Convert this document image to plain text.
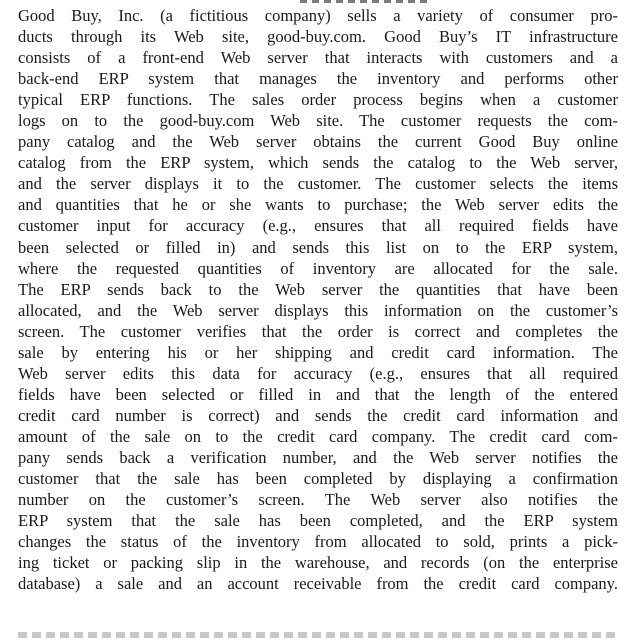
Good Buy, Inc. (a fictitious company) sells a variety of consumer pro-
ducts through its Web site, good-buy.com. Good Buy’s IT infrastructure
consists of a front-end Web server that interacts with customers and a
back-end ERP system that manages the inventory and performs other
typical ERP functions. The sales order process begins when a customer
logs on to the good-buy.com Web site. The customer requests the com-
pany catalog and the Web server obtains the current Good Buy online
catalog from the ERP system, which sends the catalog to the Web server,
and the server displays it to the customer. The customer selects the items
and quantities that he or she wants to purchase; the Web server edits the
customer input for accuracy (e.g., ensures that all required fields have
been selected or filled in) and sends this list on to the ERP system,
where the requested quantities of inventory are allocated for the sale.
The ERP sends back to the Web server the quantities that have been
allocated, and the Web server displays this information on the customer’s
screen. The customer verifies that the order is correct and completes the
sale by entering his or her shipping and credit card information. The
Web server edits this data for accuracy (e.g., ensures that all required
fields have been selected or filled in and that the length of the entered
credit card number is correct) and sends the credit card information and
amount of the sale on to the credit card company. The credit card com-
pany sends back a verification number, and the Web server notifies the
customer that the sale has been completed by displaying a confirmation
number on the customer’s screen. The Web server also notifies the
ERP system that the sale has been completed, and the ERP system
changes the status of the inventory from allocated to sold, prints a pick-
ing ticket or packing slip in the warehouse, and records (on the enterprise
database) a sale and an account receivable from the credit card company.
